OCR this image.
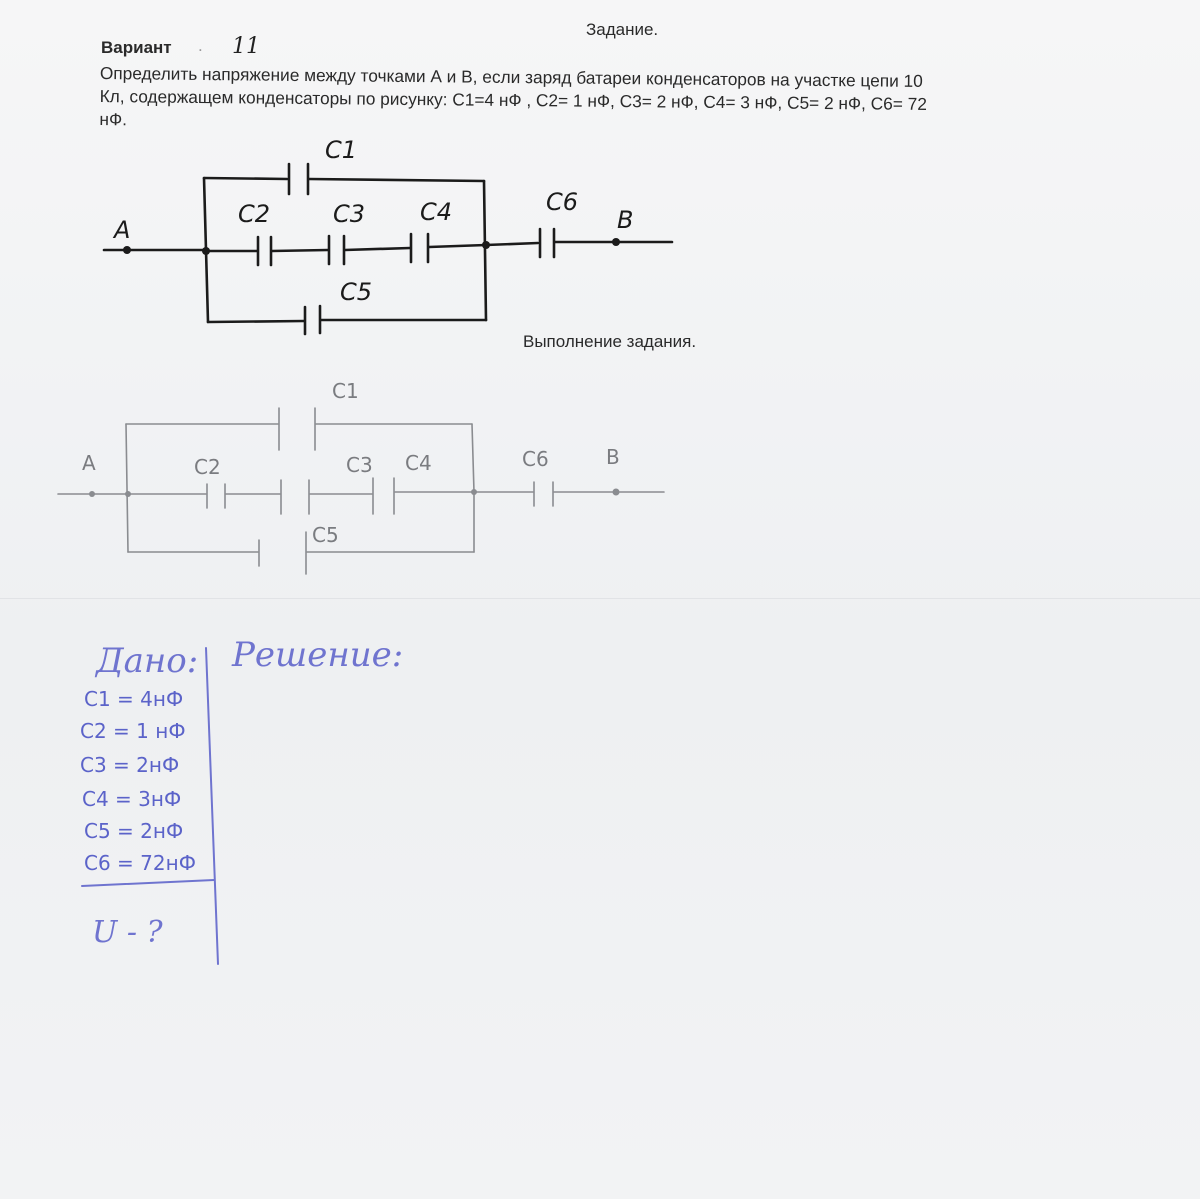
Задание.
Вариант . 11
Определить напряжение между точками А и В, если заряд батареи конденсаторов на участке цепи 10
Кл, содержащем конденсаторы по рисунку: С1=4 нФ , С2= 1 нФ, С3= 2 нФ, С4= 3 нФ, С5= 2 нФ, С6= 72
нФ.
Выполнение задания.
C1
C2	C3 C4
C5
C6
A	B
C1
C2	C3 C4
C5
C6
A	B
Дано: Решение:
C1 = 4нФ
C2 = 1 нФ
C3 = 2нФ
C4 = 3нФ
C5 = 2нФ
C6 = 72нФ
U - ?
